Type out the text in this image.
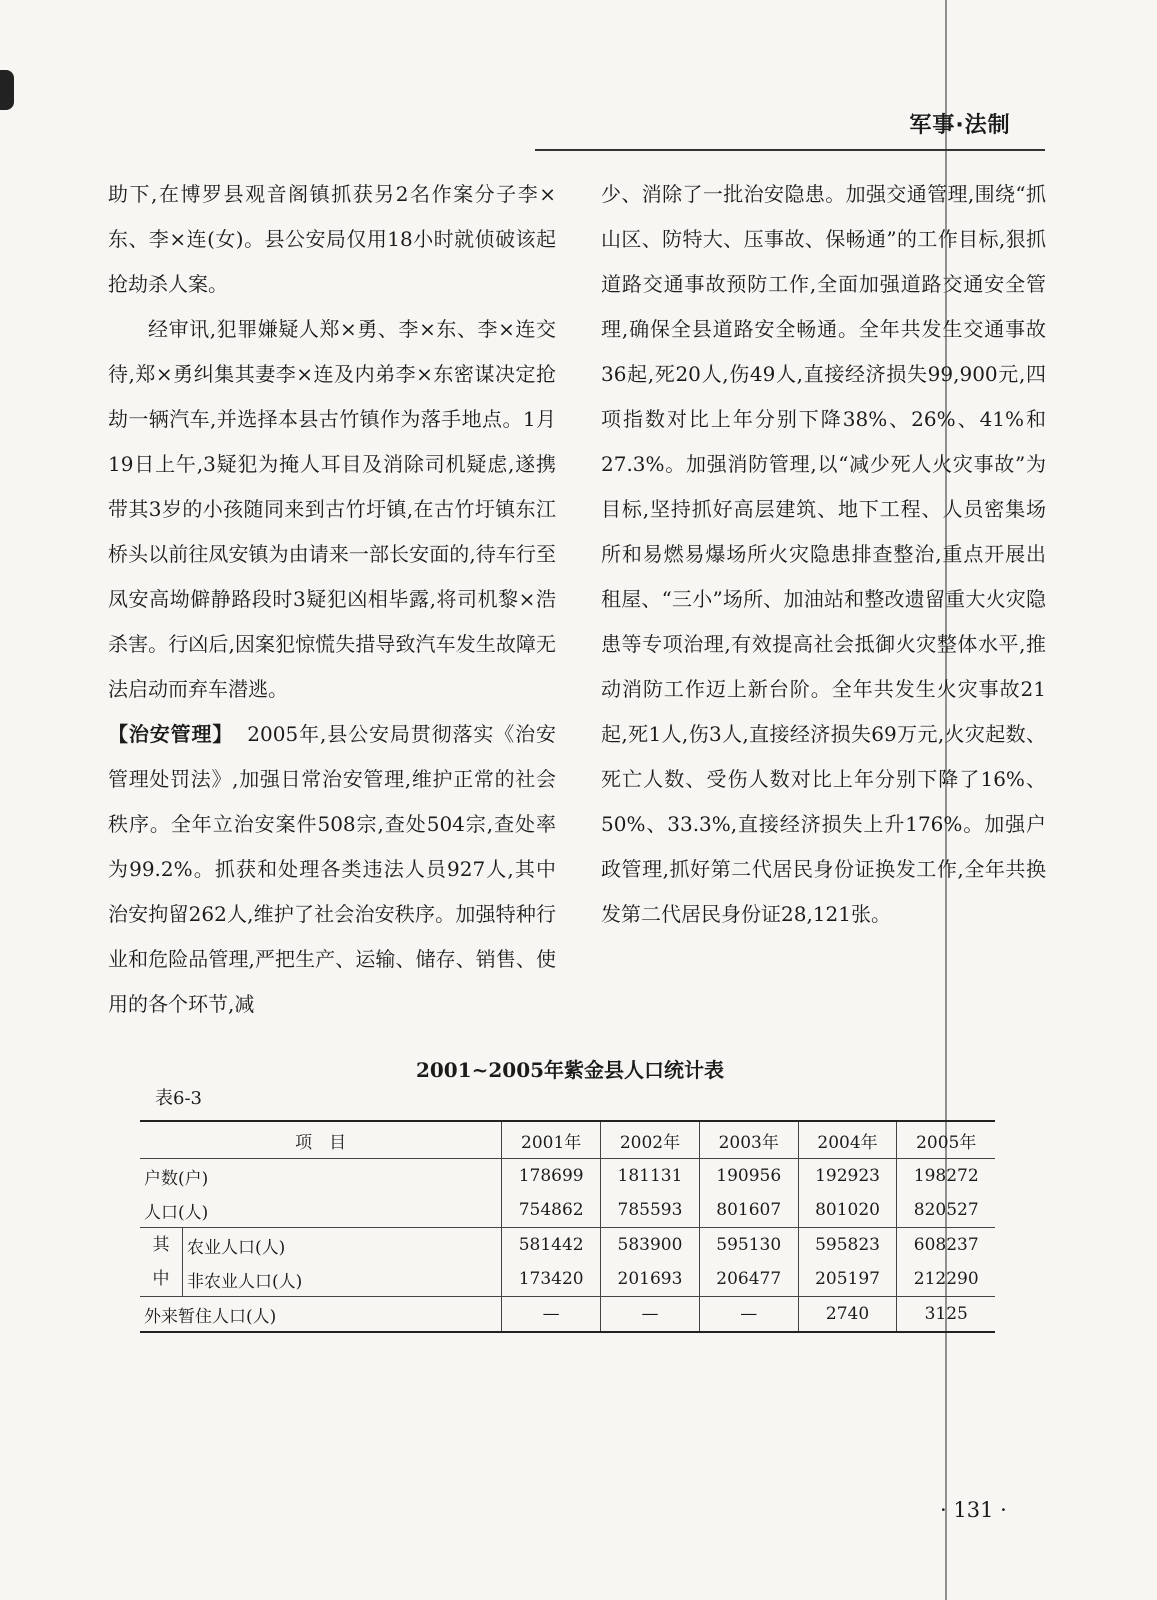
军事·法制

助下,在博罗县观音阁镇抓获另2名作案分子李×东、李×连(女)。县公安局仅用18小时就侦破该起抢劫杀人案。

经审讯,犯罪嫌疑人郑×勇、李×东、李×连交待,郑×勇纠集其妻李×连及内弟李×东密谋决定抢劫一辆汽车,并选择本县古竹镇作为落手地点。1月19日上午,3疑犯为掩人耳目及消除司机疑虑,遂携带其3岁的小孩随同来到古竹圩镇,在古竹圩镇东江桥头以前往凤安镇为由请来一部长安面的,待车行至凤安高坳僻静路段时3疑犯凶相毕露,将司机黎×浩杀害。行凶后,因案犯惊慌失措导致汽车发生故障无法启动而弃车潜逃。

【治安管理】 2005年,县公安局贯彻落实《治安管理处罚法》,加强日常治安管理,维护正常的社会秩序。全年立治安案件508宗,查处504宗,查处率为99.2%。抓获和处理各类违法人员927人,其中治安拘留262人,维护了社会治安秩序。加强特种行业和危险品管理,严把生产、运输、储存、销售、使用的各个环节,减

少、消除了一批治安隐患。加强交通管理,围绕“抓山区、防特大、压事故、保畅通”的工作目标,狠抓道路交通事故预防工作,全面加强道路交通安全管理,确保全县道路安全畅通。全年共发生交通事故36起,死20人,伤49人,直接经济损失99,900元,四项指数对比上年分别下降38%、26%、41%和27.3%。加强消防管理,以“减少死人火灾事故”为目标,坚持抓好高层建筑、地下工程、人员密集场所和易燃易爆场所火灾隐患排查整治,重点开展出租屋、“三小”场所、加油站和整改遗留重大火灾隐患等专项治理,有效提高社会抵御火灾整体水平,推动消防工作迈上新台阶。全年共发生火灾事故21起,死1人,伤3人,直接经济损失69万元,火灾起数、死亡人数、受伤人数对比上年分别下降了16%、50%、33.3%,直接经济损失上升176%。加强户政管理,抓好第二代居民身份证换发工作,全年共换发第二代居民身份证28,121张。

2001~2005年紫金县人口统计表
表6-3
项　目		2001年	2002年	2003年	2004年	2005年
户数(户)		178699	181131	190956	192923	198272
人口(人)		754862	785593	801607	801020	820527
其	农业人口(人)	581442	583900	595130	595823	608237
中	非农业人口(人)	173420	201693	206477	205197	212290
外来暂住人口(人)		—	—	—	2740	3125
· 131 ·
